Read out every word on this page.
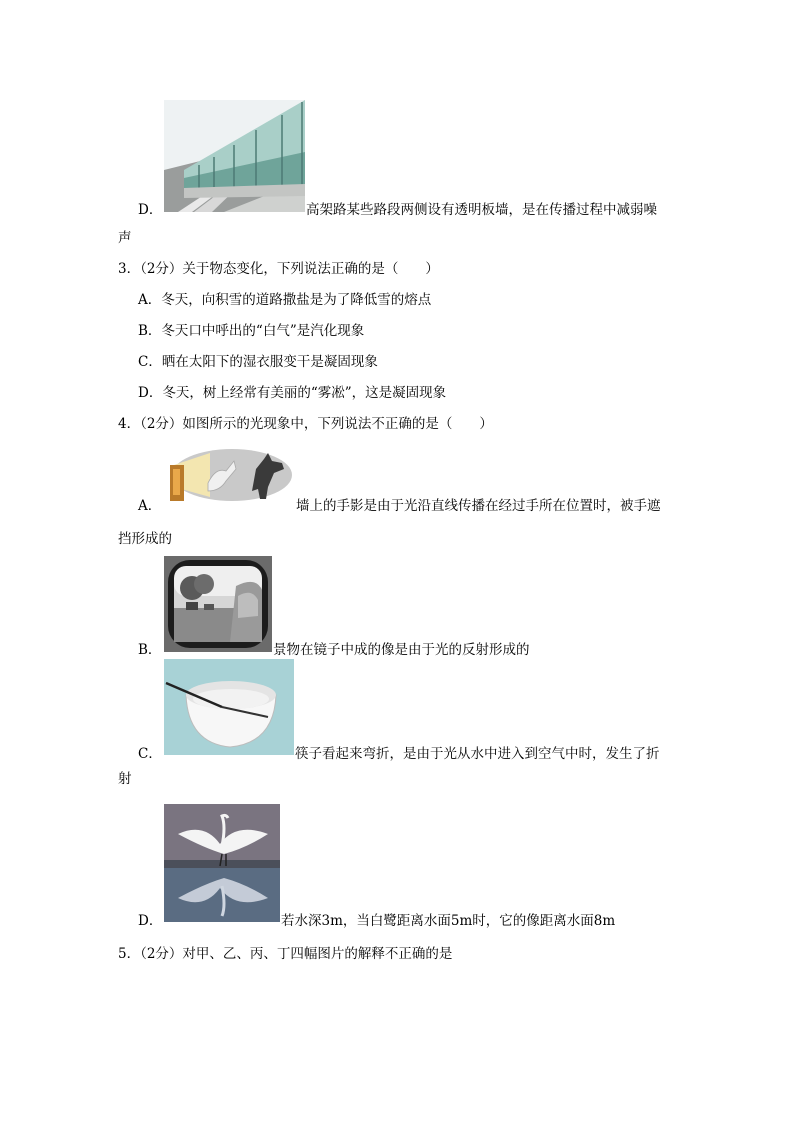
D．	高架路某些路段两侧设有透明板墙，是在传播过程中减弱噪
声
3．（2分）关于物态变化，下列说法正确的是（　　）
A．冬天，向积雪的道路撒盐是为了降低雪的熔点
B．冬天口中呼出的“白气”是汽化现象
C．晒在太阳下的湿衣服变干是凝固现象
D．冬天，树上经常有美丽的“雾凇”，这是凝固现象
4．（2分）如图所示的光现象中，下列说法不正确的是（　　）
A．	墙上的手影是由于光沿直线传播在经过手所在位置时，被手遮
挡形成的
B．	景物在镜子中成的像是由于光的反射形成的
C．	筷子看起来弯折，是由于光从水中进入到空气中时，发生了折
射
D．	若水深3m，当白鹭距离水面5m时，它的像距离水面8m
5．（2分）对甲、乙、丙、丁四幅图片的解释不正确的是
